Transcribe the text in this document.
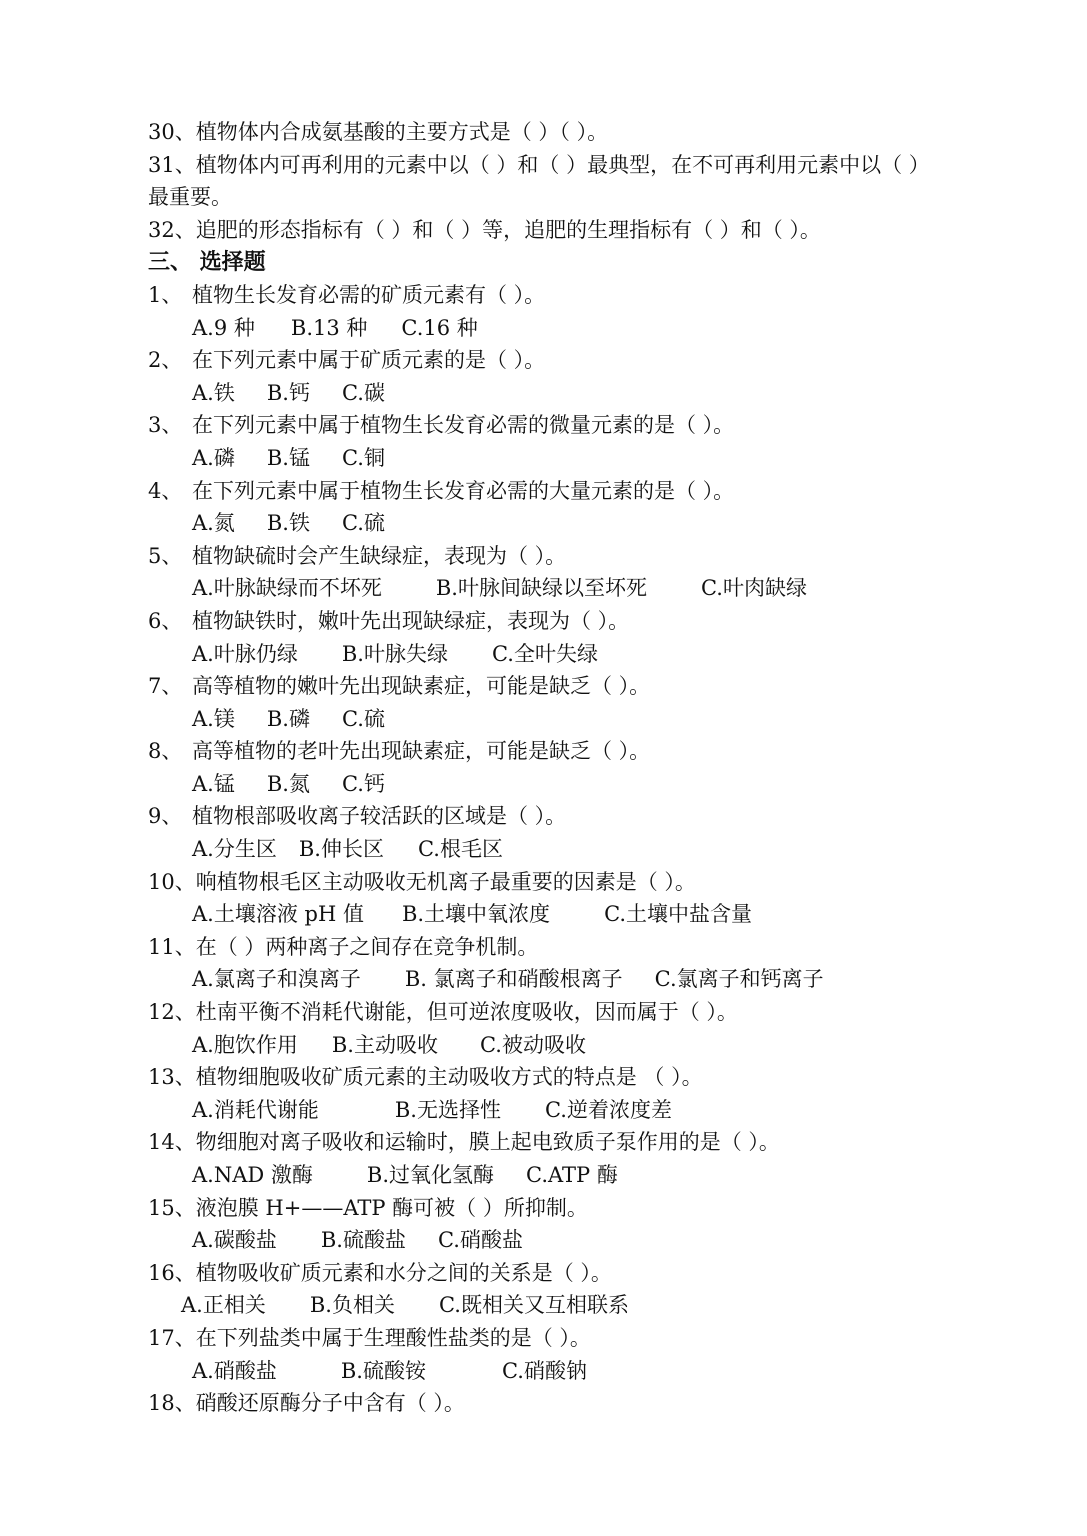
30、植物体内合成氨基酸的主要方式是（ ）（ ）。
31、植物体内可再利用的元素中以（ ）和（ ）最典型，在不可再利用元素中以（ ）
最重要。
32、追肥的形态指标有（ ）和（ ）等，追肥的生理指标有（ ）和（ ）。
三、 选择题
1、 植物生长发育必需的矿质元素有（ ）。
A.9 种 B.13 种 C.16 种
2、 在下列元素中属于矿质元素的是（ ）。
A.铁 B.钙 C.碳
3、 在下列元素中属于植物生长发育必需的微量元素的是（ ）。
A.磷 B.锰 C.铜
4、 在下列元素中属于植物生长发育必需的大量元素的是（ ）。
A.氮 B.铁 C.硫
5、 植物缺硫时会产生缺绿症，表现为（ ）。
A.叶脉缺绿而不坏死	B.叶脉间缺绿以至坏死	C.叶肉缺绿
6、 植物缺铁时，嫩叶先出现缺绿症，表现为（ ）。
A.叶脉仍绿 B.叶脉失绿 C.全叶失绿
7、 高等植物的嫩叶先出现缺素症，可能是缺乏（ ）。
A.镁 B.磷 C.硫
8、 高等植物的老叶先出现缺素症，可能是缺乏（ ）。
A.锰 B.氮 C.钙
9、 植物根部吸收离子较活跃的区域是（ ）。
A.分生区 B.伸长区 C.根毛区
10、 响植物根毛区主动吸收无机离子最重要的因素是（ ）。
A.土壤溶液 pH 值 B.土壤中氧浓度	C.土壤中盐含量
11、 在（ ）两种离子之间存在竞争机制。
A.氯离子和溴离子 B. 氯离子和硝酸根离子 C.氯离子和钙离子
12、 杜南平衡不消耗代谢能，但可逆浓度吸收，因而属于（ ）。
A.胞饮作用 B.主动吸收 C.被动吸收
13、 植物细胞吸收矿质元素的主动吸收方式的特点是 （ ）。
A.消耗代谢能	B.无选择性 C.逆着浓度差
14、 物细胞对离子吸收和运输时，膜上起电致质子泵作用的是（ ）。
A.NAD 激酶	B.过氧化氢酶 C.ATP 酶
15、 液泡膜 H+——ATP 酶可被（ ）所抑制。
A.碳酸盐 B.硫酸盐 C.硝酸盐
16、 植物吸收矿质元素和水分之间的关系是（ ）。
A.正相关 B.负相关 C.既相关又互相联系
17、 在下列盐类中属于生理酸性盐类的是（ ）。
A.硝酸盐	B.硫酸铵	C.硝酸钠
18、 硝酸还原酶分子中含有（ ）。
